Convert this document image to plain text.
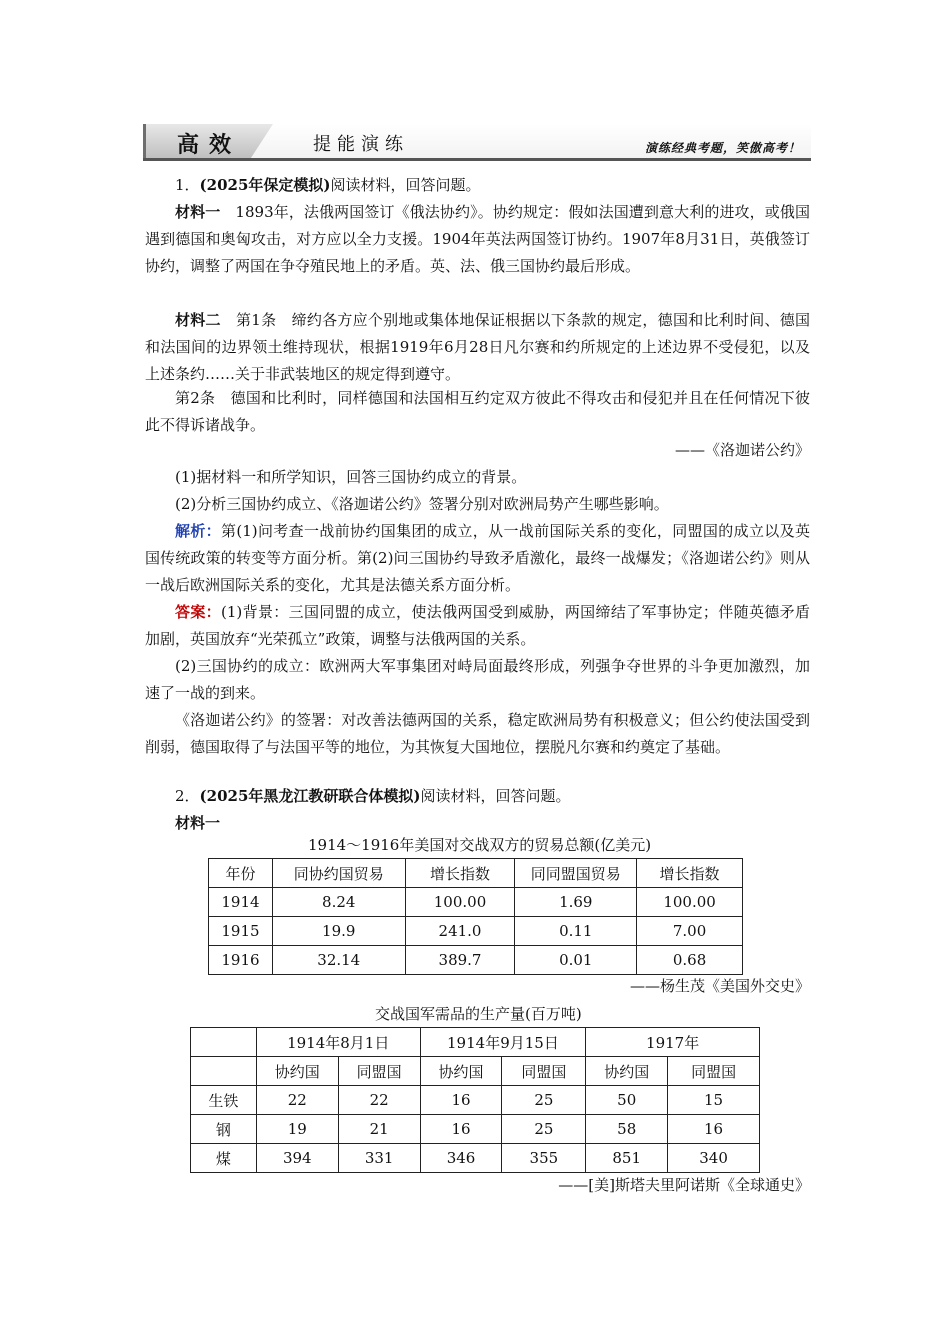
高效	提能演练	演练经典考题，笑傲高考！

1．(2025年保定模拟)阅读材料，回答问题。

材料一　1893年，法俄两国签订《俄法协约》。协约规定：假如法国遭到意大利的进攻，或俄国遇到德国和奥匈攻击，对方应以全力支援。1904年英法两国签订协约。1907年8月31日，英俄签订协约，调整了两国在争夺殖民地上的矛盾。英、法、俄三国协约最后形成。

材料二　第1条　缔约各方应个别地或集体地保证根据以下条款的规定，德国和比利时间、德国和法国间的边界领土维持现状，根据1919年6月28日凡尔赛和约所规定的上述边界不受侵犯，以及上述条约……关于非武装地区的规定得到遵守。

第2条　德国和比利时，同样德国和法国相互约定双方彼此不得攻击和侵犯并且在任何情况下彼此不得诉诸战争。

——《洛迦诺公约》

(1)据材料一和所学知识，回答三国协约成立的背景。

(2)分析三国协约成立、《洛迦诺公约》签署分别对欧洲局势产生哪些影响。

解析：第(1)问考查一战前协约国集团的成立，从一战前国际关系的变化，同盟国的成立以及英国传统政策的转变等方面分析。第(2)问三国协约导致矛盾激化，最终一战爆发；《洛迦诺公约》则从一战后欧洲国际关系的变化，尤其是法德关系方面分析。

答案：(1)背景：三国同盟的成立，使法俄两国受到威胁，两国缔结了军事协定；伴随英德矛盾加剧，英国放弃“光荣孤立”政策，调整与法俄两国的关系。

(2)三国协约的成立：欧洲两大军事集团对峙局面最终形成，列强争夺世界的斗争更加激烈，加速了一战的到来。

《洛迦诺公约》的签署：对改善法德两国的关系，稳定欧洲局势有积极意义；但公约使法国受到削弱，德国取得了与法国平等的地位，为其恢复大国地位，摆脱凡尔赛和约奠定了基础。

2．(2025年黑龙江教研联合体模拟)阅读材料，回答问题。

材料一

1914～1916年美国对交战双方的贸易总额(亿美元)

年份	同协约国贸易	增长指数	同同盟国贸易	增长指数
1914	8.24	100.00	1.69	100.00
1915	19.9	241.0	0.11	7.00
1916	32.14	389.7	0.01	0.68

——杨生茂《美国外交史》

交战国军需品的生产量(百万吨)

	1914年8月1日		1914年9月15日		1917年	
	协约国	同盟国	协约国	同盟国	协约国	同盟国
生铁	22	22	16	25	50	15
钢	19	21	16	25	58	16
煤	394	331	346	355	851	340

——[美]斯塔夫里阿诺斯《全球通史》
